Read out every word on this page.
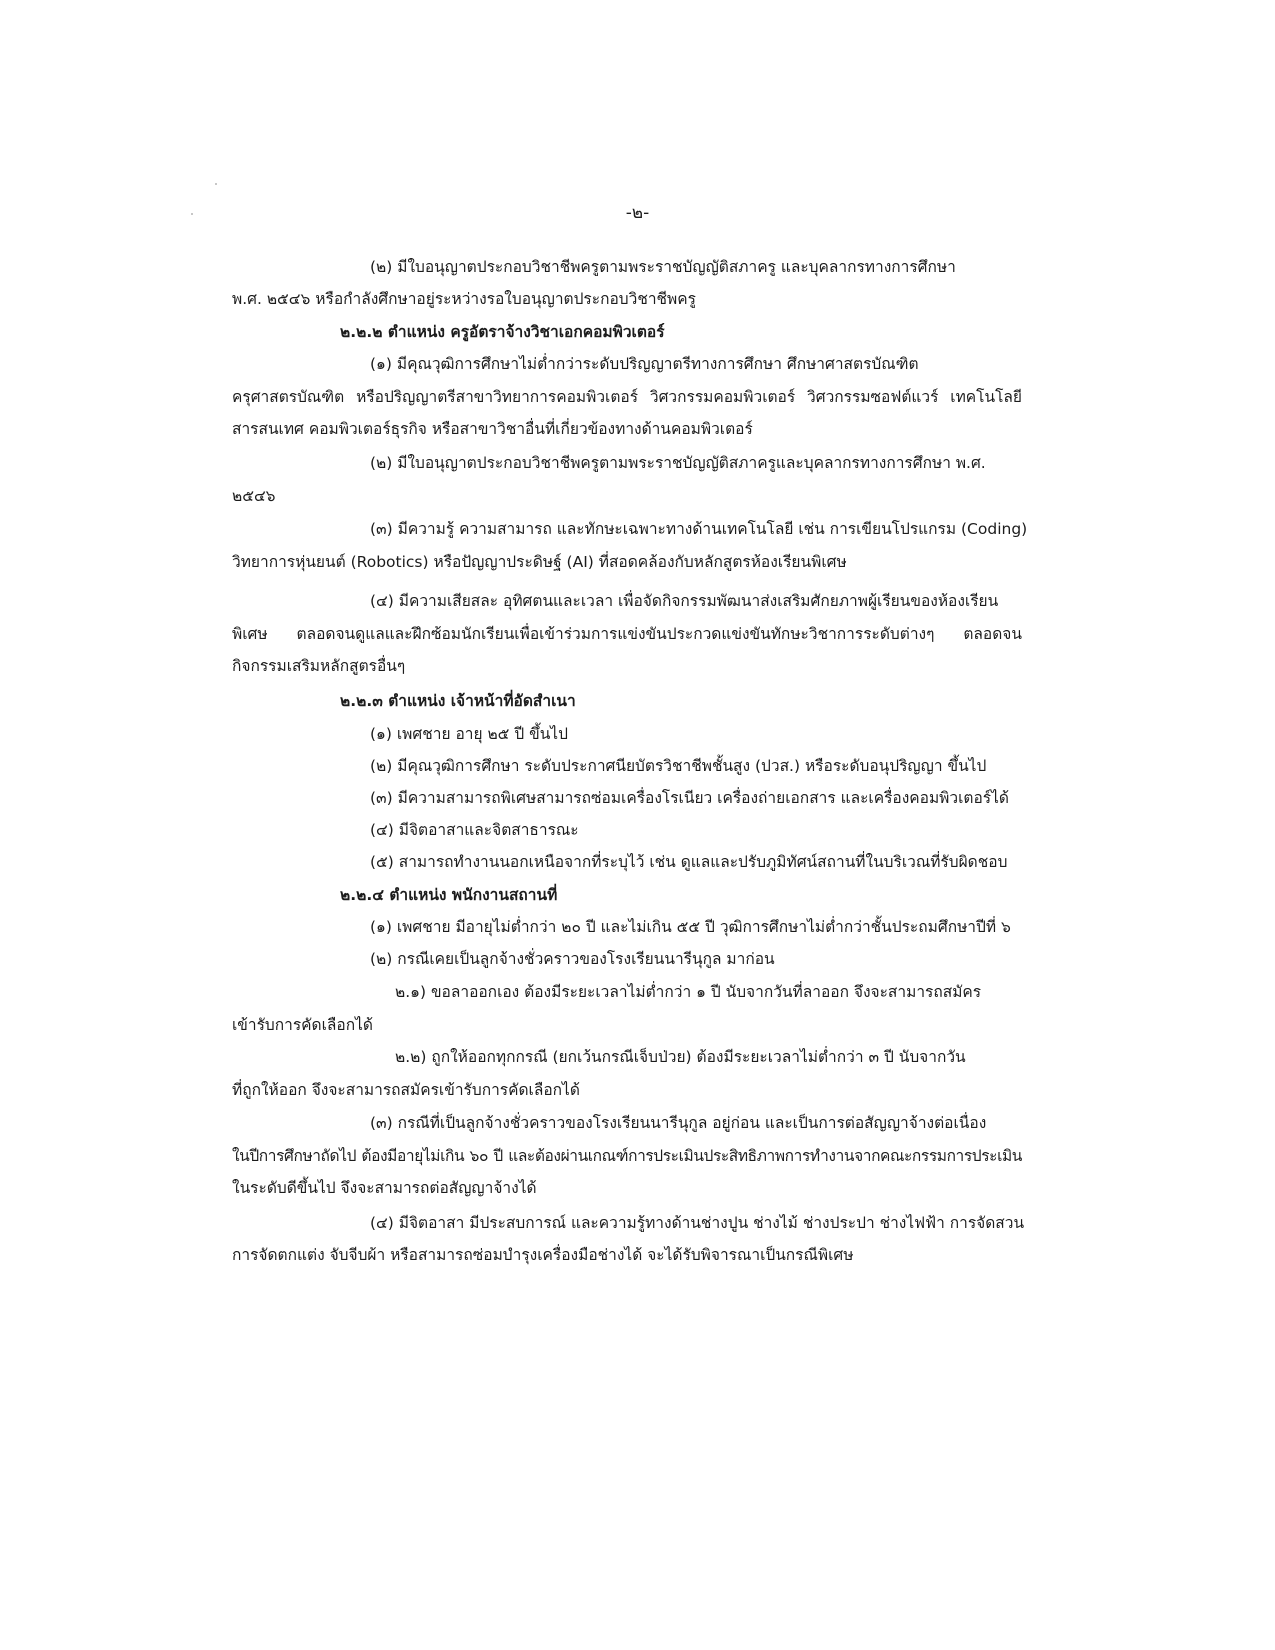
-๒-
(๒) มีใบอนุญาตประกอบวิชาชีพครูตามพระราชบัญญัติสภาครู และบุคลากรทางการศึกษา
พ.ศ. ๒๕๔๖ หรือกำลังศึกษาอยู่ระหว่างรอใบอนุญาตประกอบวิชาชีพครู
๒.๒.๒ ตำแหน่ง ครูอัตราจ้างวิชาเอกคอมพิวเตอร์
(๑) มีคุณวุฒิการศึกษาไม่ต่ำกว่าระดับปริญญาตรีทางการศึกษา ศึกษาศาสตรบัณฑิต
ครุศาสตรบัณฑิต หรือปริญญาตรีสาขาวิทยาการคอมพิวเตอร์ วิศวกรรมคอมพิวเตอร์ วิศวกรรมซอฟต์แวร์ เทคโนโลยี
สารสนเทศ คอมพิวเตอร์ธุรกิจ หรือสาขาวิชาอื่นที่เกี่ยวข้องทางด้านคอมพิวเตอร์
(๒) มีใบอนุญาตประกอบวิชาชีพครูตามพระราชบัญญัติสภาครูและบุคลากรทางการศึกษา พ.ศ.
๒๕๔๖
(๓) มีความรู้ ความสามารถ และทักษะเฉพาะทางด้านเทคโนโลยี เช่น การเขียนโปรแกรม (Coding)
วิทยาการหุ่นยนต์ (Robotics) หรือปัญญาประดิษฐ์ (AI) ที่สอดคล้องกับหลักสูตรห้องเรียนพิเศษ
(๔) มีความเสียสละ อุทิศตนและเวลา เพื่อจัดกิจกรรมพัฒนาส่งเสริมศักยภาพผู้เรียนของห้องเรียน
พิเศษ ตลอดจนดูแลและฝึกซ้อมนักเรียนเพื่อเข้าร่วมการแข่งขันประกวดแข่งขันทักษะวิชาการระดับต่างๆ ตลอดจน
กิจกรรมเสริมหลักสูตรอื่นๆ
๒.๒.๓ ตำแหน่ง เจ้าหน้าที่อัดสำเนา
(๑) เพศชาย อายุ ๒๕ ปี ขึ้นไป
(๒) มีคุณวุฒิการศึกษา ระดับประกาศนียบัตรวิชาชีพชั้นสูง (ปวส.) หรือระดับอนุปริญญา ขึ้นไป
(๓) มีความสามารถพิเศษสามารถซ่อมเครื่องโรเนียว เครื่องถ่ายเอกสาร และเครื่องคอมพิวเตอร์ได้
(๔) มีจิตอาสาและจิตสาธารณะ
(๕) สามารถทำงานนอกเหนือจากที่ระบุไว้ เช่น ดูแลและปรับภูมิทัศน์สถานที่ในบริเวณที่รับผิดชอบ
๒.๒.๔ ตำแหน่ง พนักงานสถานที่
(๑) เพศชาย มีอายุไม่ต่ำกว่า ๒๐ ปี และไม่เกิน ๕๕ ปี วุฒิการศึกษาไม่ต่ำกว่าชั้นประถมศึกษาปีที่ ๖
(๒) กรณีเคยเป็นลูกจ้างชั่วคราวของโรงเรียนนารีนุกูล มาก่อน
๒.๑) ขอลาออกเอง ต้องมีระยะเวลาไม่ต่ำกว่า ๑ ปี นับจากวันที่ลาออก จึงจะสามารถสมัคร
เข้ารับการคัดเลือกได้
๒.๒) ถูกให้ออกทุกกรณี (ยกเว้นกรณีเจ็บป่วย) ต้องมีระยะเวลาไม่ต่ำกว่า ๓ ปี นับจากวัน
ที่ถูกให้ออก จึงจะสามารถสมัครเข้ารับการคัดเลือกได้
(๓) กรณีที่เป็นลูกจ้างชั่วคราวของโรงเรียนนารีนุกูล อยู่ก่อน และเป็นการต่อสัญญาจ้างต่อเนื่อง
ในปีการศึกษาถัดไป ต้องมีอายุไม่เกิน ๖๐ ปี และต้องผ่านเกณฑ์การประเมินประสิทธิภาพการทำงานจากคณะกรรมการประเมิน
ในระดับดีขึ้นไป จึงจะสามารถต่อสัญญาจ้างได้
(๔) มีจิตอาสา มีประสบการณ์ และความรู้ทางด้านช่างปูน ช่างไม้ ช่างประปา ช่างไฟฟ้า การจัดสวน
การจัดตกแต่ง จับจีบผ้า หรือสามารถซ่อมบำรุงเครื่องมือช่างได้ จะได้รับพิจารณาเป็นกรณีพิเศษ
